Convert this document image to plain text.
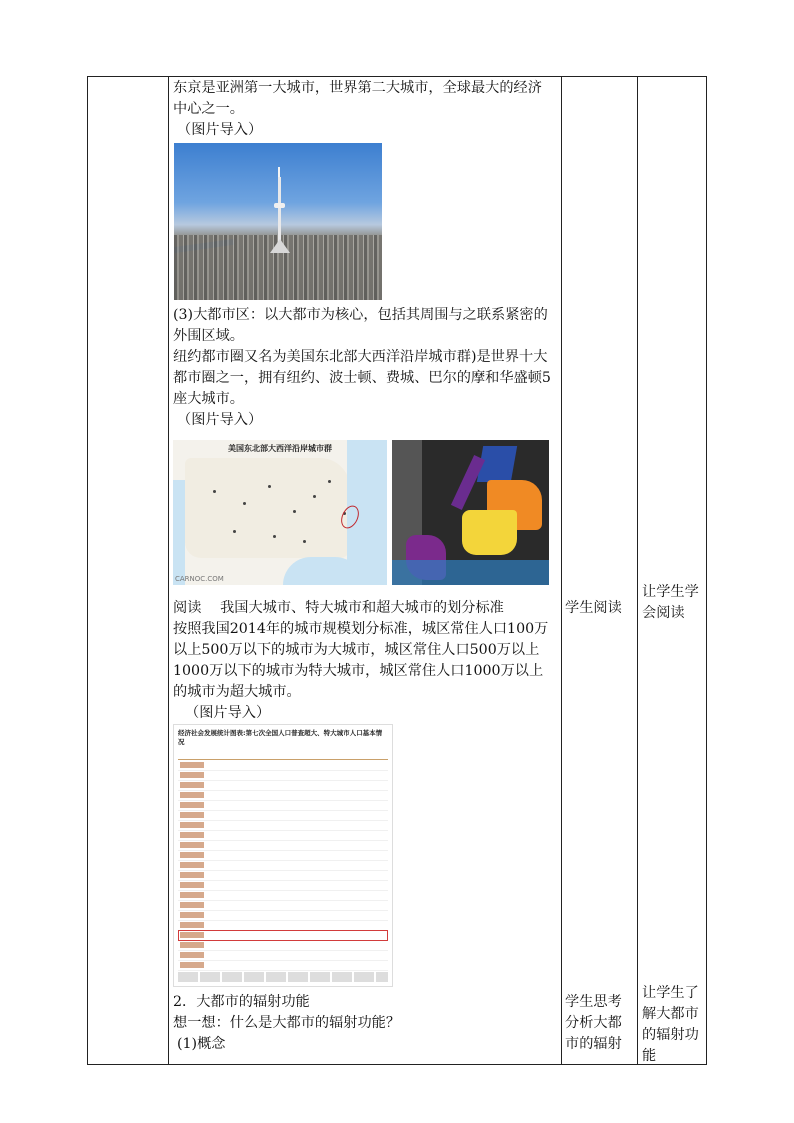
东京是亚洲第一大城市，世界第二大城市，全球最大的经济中心之一。

（图片导入）

(3)大都市区：以大都市为核心，包括其周围与之联系紧密的外围区域。

纽约都市圈又名为美国东北部大西洋沿岸城市群)是世界十大都市圈之一，拥有纽约、波士顿、费城、巴尔的摩和华盛顿5座大城市。

（图片导入）

美国东北部大西洋沿岸城市群
CARNOC.COM

阅读　 我国大城市、特大城市和超大城市的划分标准

按照我国2014年的城市规模划分标准，城区常住人口100万以上500万以下的城市为大城市，城区常住人口500万以上1000万以下的城市为特大城市，城区常住人口1000万以上的城市为超大城市。

（图片导入）

经济社会发展统计图表:第七次全国人口普查超大、特大城市人口基本情况

2．大都市的辐射功能

想一想：什么是大都市的辐射功能？

(1)概念

学生阅读
学生思考分析大都市的辐射
让学生学会阅读
让学生了解大都市的辐射功能
